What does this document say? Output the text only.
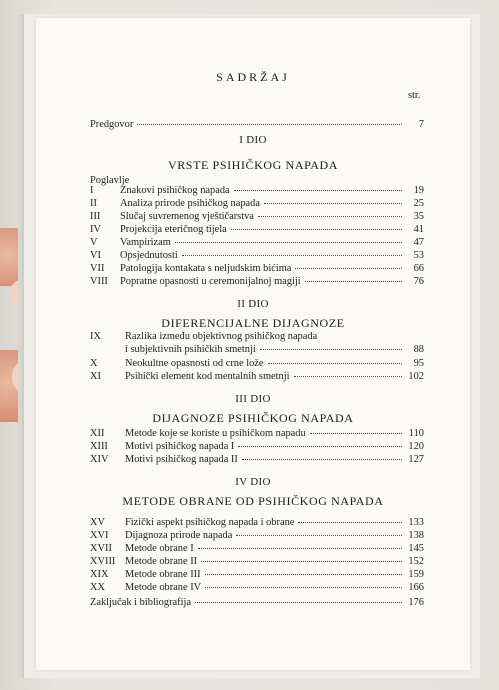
SADRŽAJ
str.
Predgovor	7
I DIO
VRSTE PSIHIČKOG NAPADA
Poglavlje
I	Znakovi psihičkog napada	19
II	Analiza prirode psihičkog napada	25
III	Slučaj suvremenog vještičarstva	35
IV	Projekcija eteričnog tijela	41
V	Vampirizam	47
VI	Opsjednutosti	53
VII	Patologija kontakata s neljudskim bićima	66
VIII	Popratne opasnosti u ceremonijalnoj magiji	76
II DIO
DIFERENCIJALNE DIJAGNOZE
IX Razlika između objektivnog psihičkog napada
i subjektivnih psihičkih smetnji	88
X	Neokultne opasnosti od crne lože	95
XI	Psihički element kod mentalnih smetnji	102
III DIO
DIJAGNOZE PSIHIČKOG NAPADA
XII	Metode koje se koriste u psihičkom napadu	110
XIII	Motivi psihičkog napada I	120
XIV	Motivi psihičkog napada II	127
IV DIO
METODE OBRANE OD PSIHIČKOG NAPADA
XV	Fizički aspekt psihičkog napada i obrane	133
XVI	Dijagnoza prirode napada	138
XVII	Metode obrane I	145
XVIII Metode obrane II	152
XIX	Metode obrane III	159
XX	Metode obrane IV	166
Zaključak i bibliografija	176
